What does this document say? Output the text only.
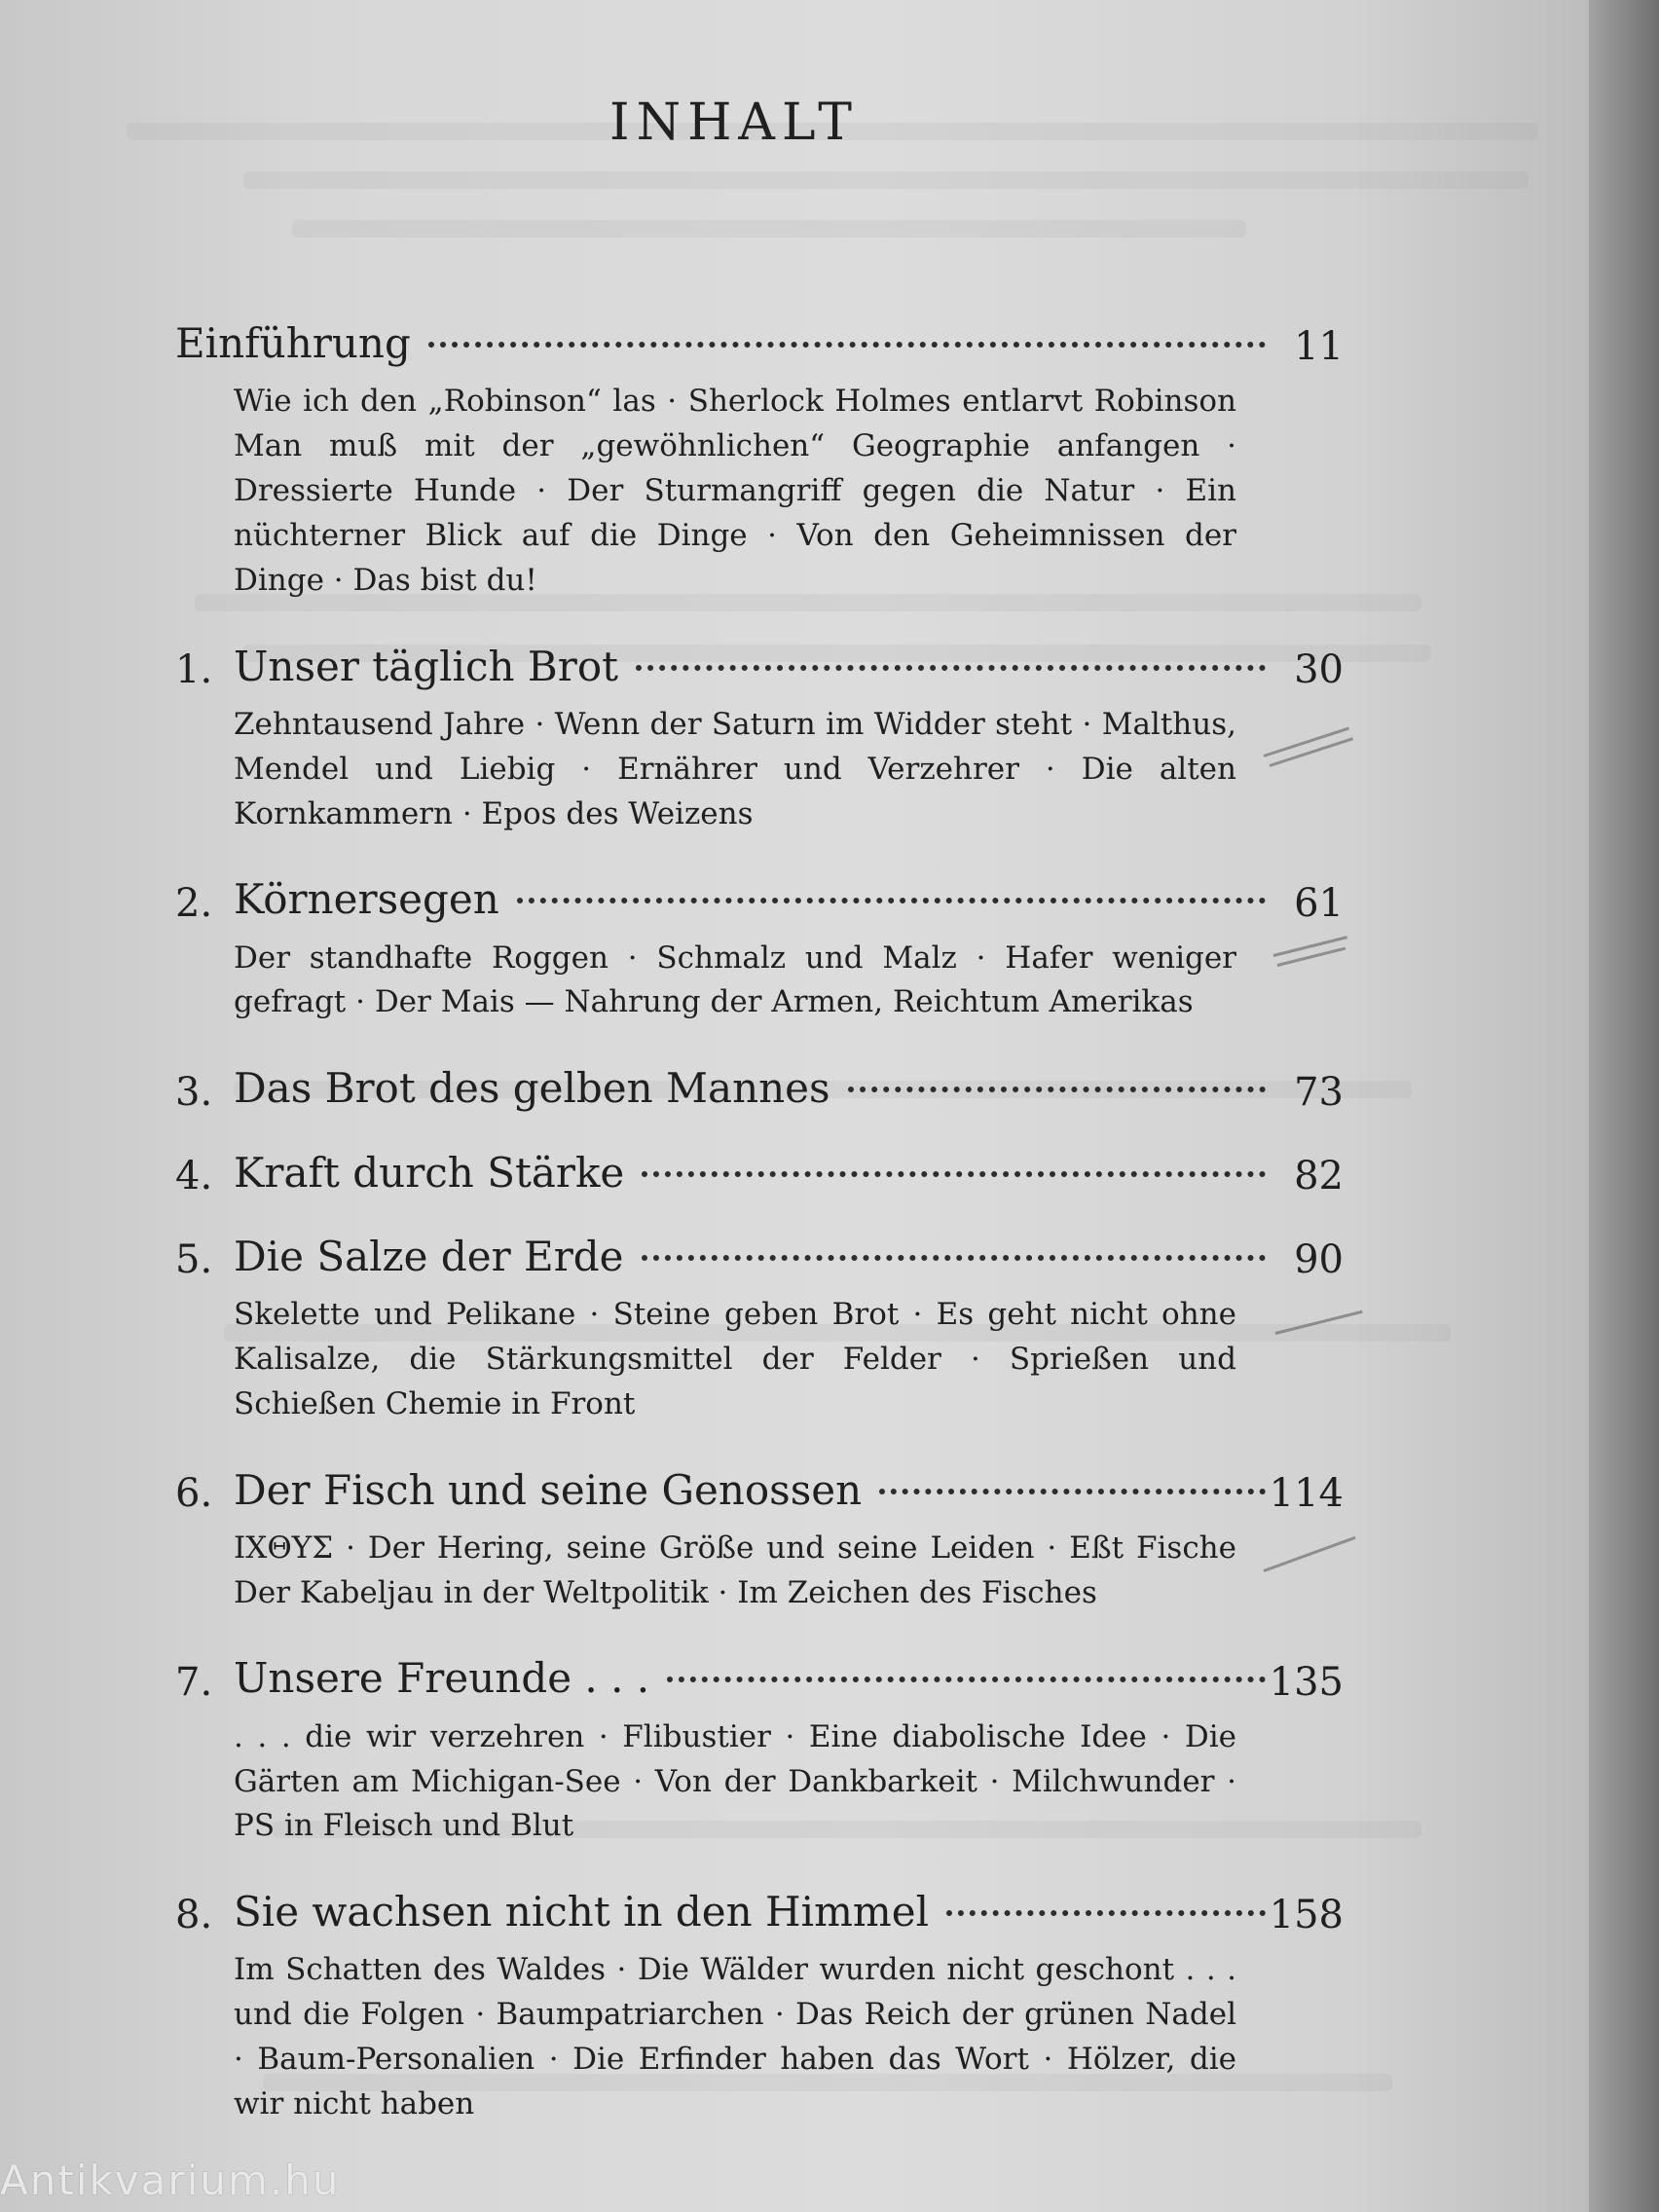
INHALT
Einführung	11
Wie ich den „Robinson“ las · Sherlock Holmes entlarvt Robinson Man muß mit der „gewöhnlichen“ Geographie anfangen · Dressierte Hunde · Der Sturmangriff gegen die Natur · Ein nüchterner Blick auf die Dinge · Von den Geheimnissen der Dinge · Das bist du!
1. Unser täglich Brot	30
Zehntausend Jahre · Wenn der Saturn im Widder steht · Malthus, Mendel und Liebig · Ernährer und Verzehrer · Die alten Kornkammern · Epos des Weizens
2. Körnersegen	61
Der standhafte Roggen · Schmalz und Malz · Hafer weniger gefragt · Der Mais — Nahrung der Armen, Reichtum Amerikas
3. Das Brot des gelben Mannes	73
4. Kraft durch Stärke	82
5. Die Salze der Erde	90
Skelette und Pelikane · Steine geben Brot · Es geht nicht ohne Kalisalze, die Stärkungsmittel der Felder · Sprießen und Schießen Chemie in Front
6. Der Fisch und seine Genossen	114
ΙΧΘΥΣ · Der Hering, seine Größe und seine Leiden · Eßt Fische Der Kabeljau in der Weltpolitik · Im Zeichen des Fisches
7. Unsere Freunde . . .	135
. . . die wir verzehren · Flibustier · Eine diabolische Idee · Die Gärten am Michigan-See · Von der Dankbarkeit · Milchwunder · PS in Fleisch und Blut
8. Sie wachsen nicht in den Himmel	158
Im Schatten des Waldes · Die Wälder wurden nicht geschont . . . und die Folgen · Baumpatriarchen · Das Reich der grünen Nadel · Baum-Personalien · Die Erfinder haben das Wort · Hölzer, die wir nicht haben
Antikvarium.hu
